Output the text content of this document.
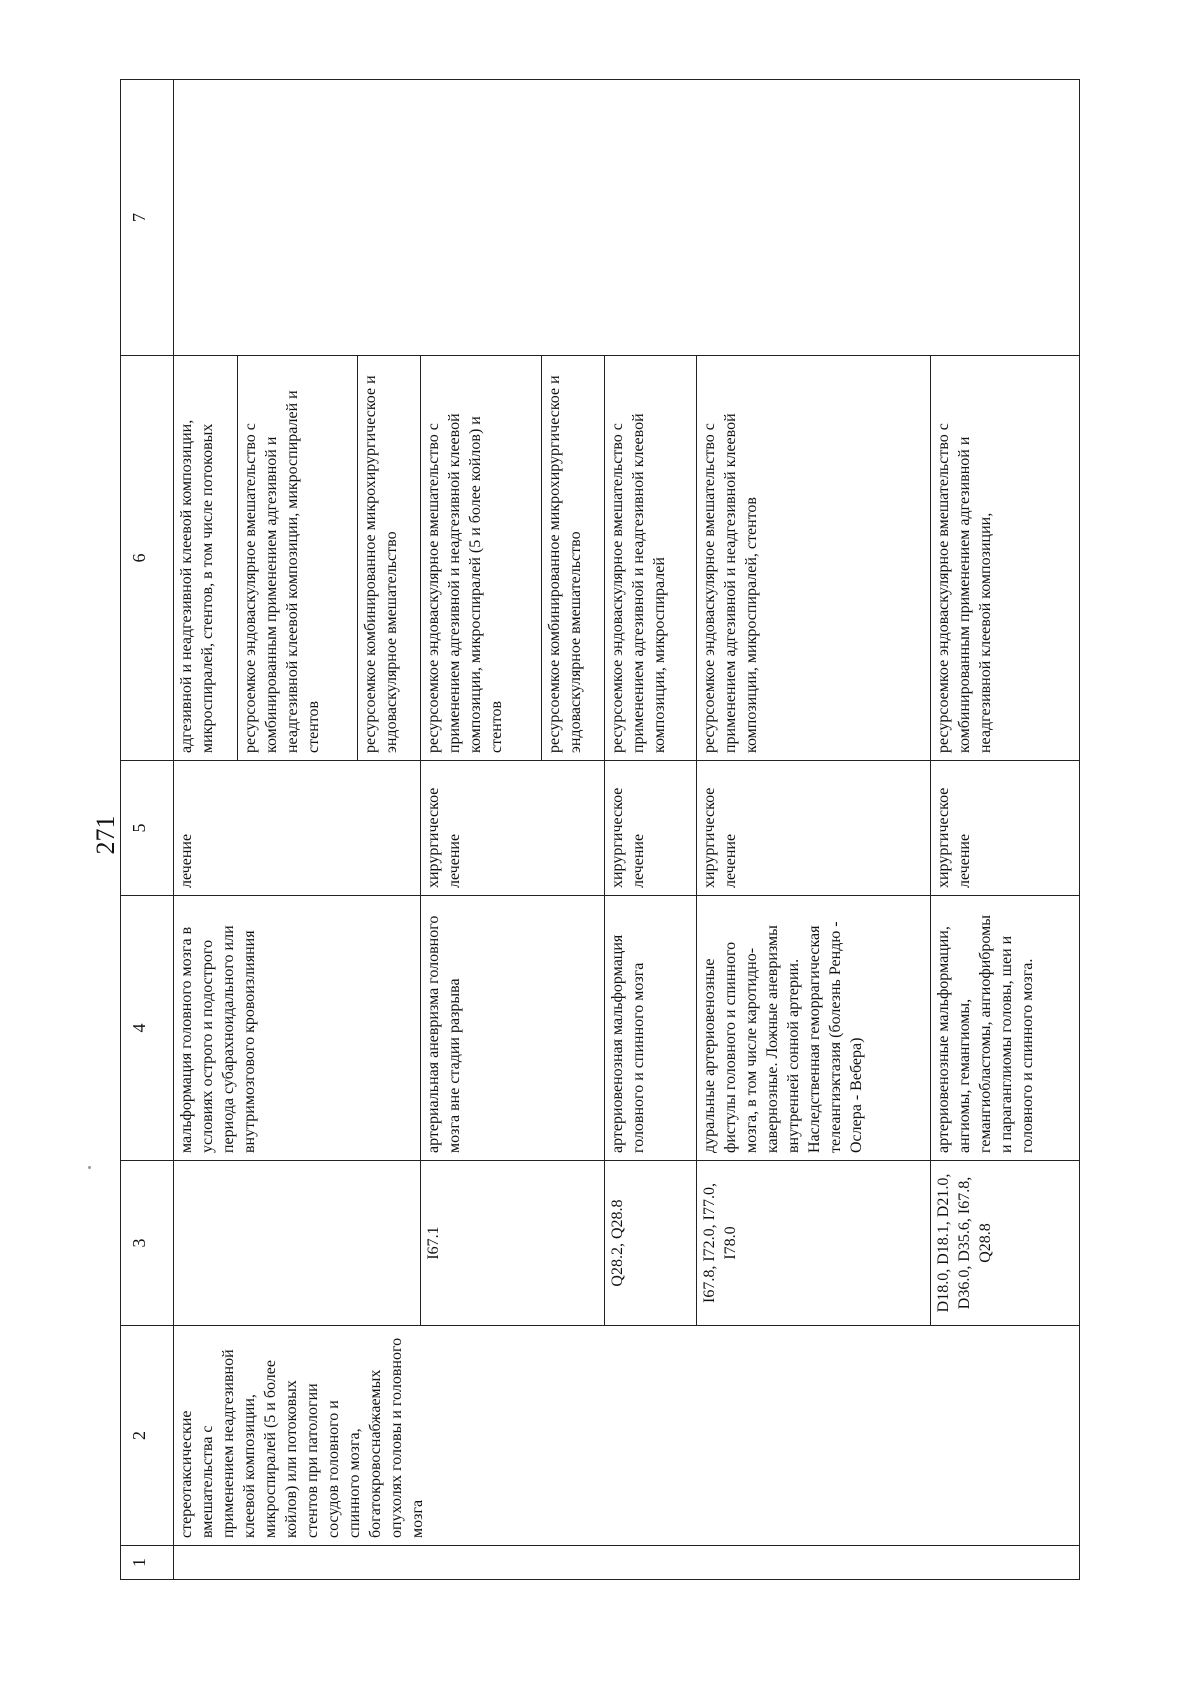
271
1	2	3	4	5	6	7
	стереотаксические вмешательства с применением неадгезивной клеевой композиции, микроспиралей (5 и более койлов) или потоковых стентов при патологии сосудов головного и спинного мозга, богатокровоснабжаемых опухолях головы и головного мозга		мальформация головного мозга в условиях острого и подострого периода субарахноидального или внутримозгового кровоизлияния	лечение	адгезивной и неадгезивной клеевой композиции, микроспиралей, стентов, в том числе потоковых	
					ресурсоемкое эндоваскулярное вмешательство с комбинированным применением адгезивной и неадгезивной клеевой композиции, микроспиралей и стентов	
					ресурсоемкое комбинированное микрохирургическое и эндоваскулярное вмешательство	
		I67.1	артериальная аневризма головного мозга вне стадии разрыва	хирургическое лечение	ресурсоемкое эндоваскулярное вмешательство с применением адгезивной и неадгезивной клеевой композиции, микроспиралей (5 и более койлов) и стентов	
					ресурсоемкое комбинированное микрохирургическое и эндоваскулярное вмешательство	
		Q28.2, Q28.8	артериовенозная мальформация головного и спинного мозга	хирургическое лечение	ресурсоемкое эндоваскулярное вмешательство с применением адгезивной и неадгезивной клеевой композиции, микроспиралей	
		I67.8, I72.0, I77.0, I78.0	дуральные артериовенозные фистулы головного и спинного мозга, в том числе каротидно-кавернозные. Ложные аневризмы внутренней сонной артерии. Наследственная геморрагическая телеангиэктазия (болезнь Рендю - Ослера - Вебера)	хирургическое лечение	ресурсоемкое эндоваскулярное вмешательство с применением адгезивной и неадгезивной клеевой композиции, микроспиралей, стентов	
		D18.0, D18.1, D21.0, D36.0, D35.6, I67.8, Q28.8	артериовенозные мальформации, ангиомы, гемангиомы, гемангиобластомы, ангиофибромы и параганглиомы головы, шеи и головного и спинного мозга.	хирургическое лечение	ресурсоемкое эндоваскулярное вмешательство с комбинированным применением адгезивной и неадгезивной клеевой композиции,	
